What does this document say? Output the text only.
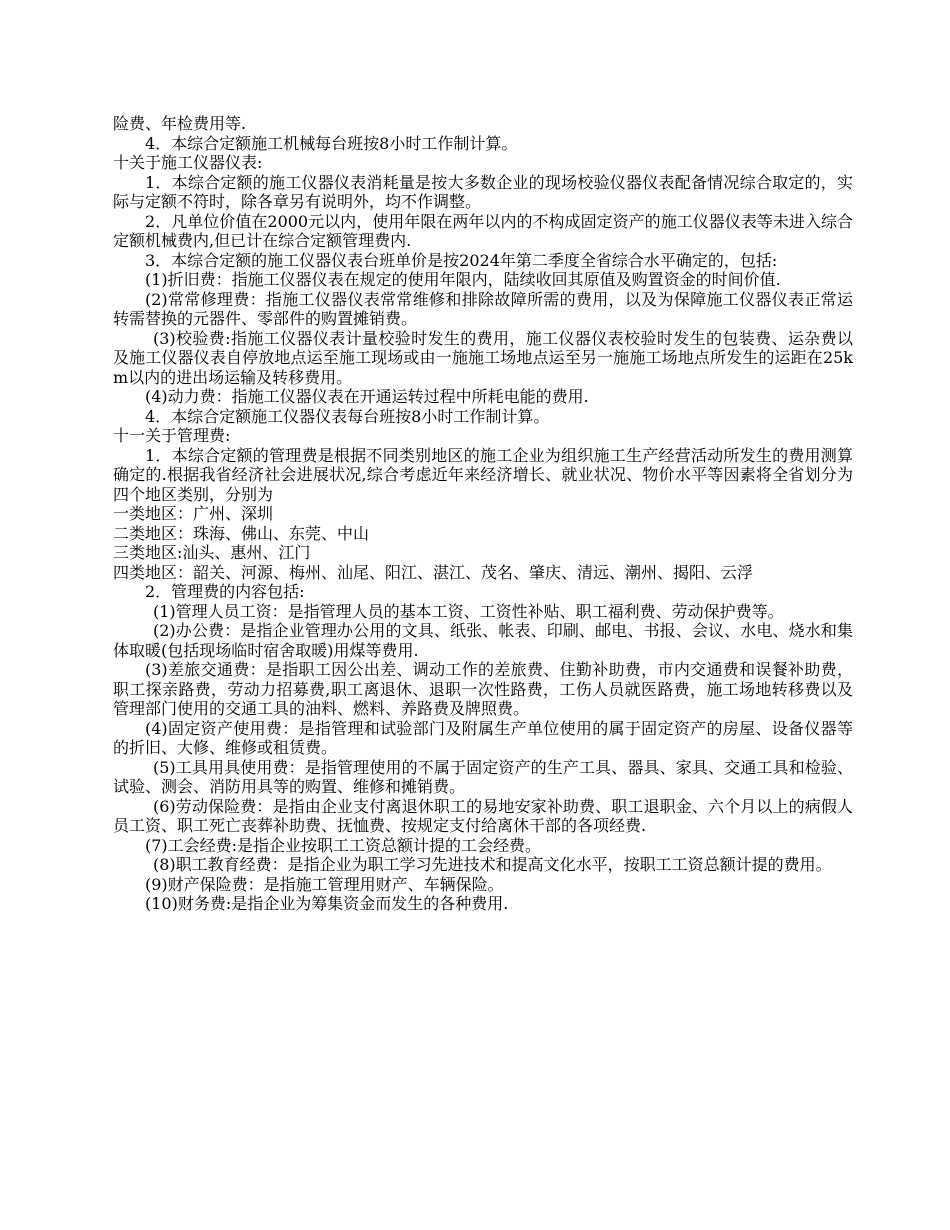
险费、年检费用等.

4．本综合定额施工机械每台班按8小时工作制计算。

十关于施工仪器仪表:

1．本综合定额的施工仪器仪表消耗量是按大多数企业的现场校验仪器仪表配备情况综合取定的，实际与定额不符时，除各章另有说明外，均不作调整。

2．凡单位价值在2000元以内，使用年限在两年以内的不构成固定资产的施工仪器仪表等未进入综合定额机械费内,但已计在综合定额管理费内.

3．本综合定额的施工仪器仪表台班单价是按2024年第二季度全省综合水平确定的，包括:

(1)折旧费：指施工仪器仪表在规定的使用年限内，陆续收回其原值及购置资金的时间价值.

(2)常常修理费：指施工仪器仪表常常维修和排除故障所需的费用，以及为保障施工仪器仪表正常运转需替换的元器件、零部件的购置摊销费。

(3)校验费:指施工仪器仪表计量校验时发生的费用，施工仪器仪表校验时发生的包装费、运杂费以及施工仪器仪表自停放地点运至施工现场或由一施施工场地点运至另一施施工场地点所发生的运距在25km以内的进出场运输及转移费用。

(4)动力费：指施工仪器仪表在开通运转过程中所耗电能的费用.

4．本综合定额施工仪器仪表每台班按8小时工作制计算。

十一关于管理费:

1．本综合定额的管理费是根据不同类别地区的施工企业为组织施工生产经营活动所发生的费用测算确定的.根据我省经济社会进展状况,综合考虑近年来经济增长、就业状况、物价水平等因素将全省划分为四个地区类别，分别为

一类地区：广州、深圳

二类地区：珠海、佛山、东莞、中山

三类地区:汕头、惠州、江门

四类地区：韶关、河源、梅州、汕尾、阳江、湛江、茂名、肇庆、清远、潮州、揭阳、云浮

2．管理费的内容包括:

(1)管理人员工资：是指管理人员的基本工资、工资性补贴、职工福利费、劳动保护费等。

(2)办公费：是指企业管理办公用的文具、纸张、帐表、印刷、邮电、书报、会议、水电、烧水和集体取暖(包括现场临时宿舍取暖)用煤等费用.

(3)差旅交通费：是指职工因公出差、调动工作的差旅费、住勤补助费，市内交通费和误餐补助费，职工探亲路费，劳动力招募费,职工离退休、退职一次性路费，工伤人员就医路费，施工场地转移费以及管理部门使用的交通工具的油料、燃料、养路费及牌照费。

(4)固定资产使用费：是指管理和试验部门及附属生产单位使用的属于固定资产的房屋、设备仪器等的折旧、大修、维修或租赁费。

(5)工具用具使用费：是指管理使用的不属于固定资产的生产工具、器具、家具、交通工具和检验、试验、测会、消防用具等的购置、维修和摊销费。

(6)劳动保险费：是指由企业支付离退休职工的易地安家补助费、职工退职金、六个月以上的病假人员工资、职工死亡丧葬补助费、抚恤费、按规定支付给离休干部的各项经费.

(7)工会经费:是指企业按职工工资总额计提的工会经费。

(8)职工教育经费：是指企业为职工学习先进技术和提高文化水平，按职工工资总额计提的费用。

(9)财产保险费：是指施工管理用财产、车辆保险。

(10)财务费:是指企业为筹集资金而发生的各种费用.
